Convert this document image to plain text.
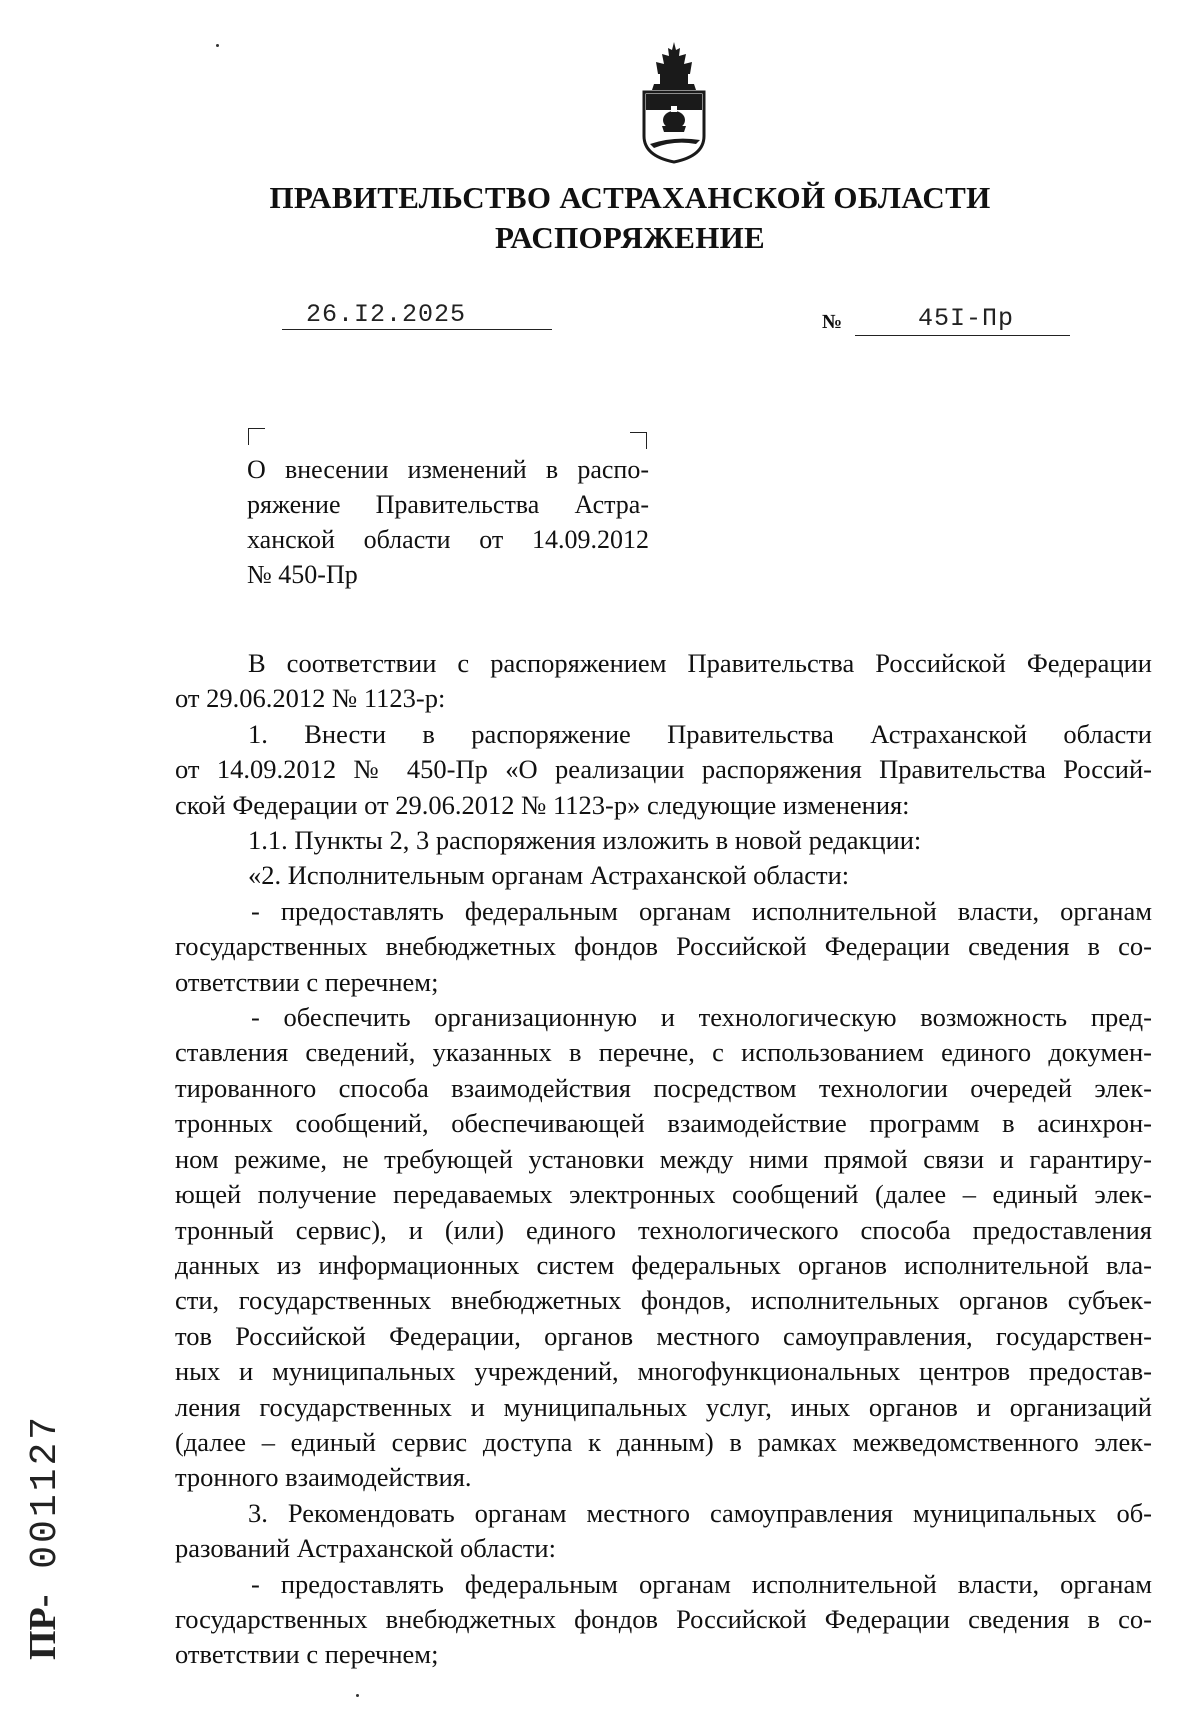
ПРАВИТЕЛЬСТВО АСТРАХАНСКОЙ ОБЛАСТИ
РАСПОРЯЖЕНИЕ
26.I2.2025	№	45I-Пр
О внесении изменений в распо-
ряжение Правительства Астра-
ханской области от 14.09.2012
№ 450-Пр
В соответствии с распоряжением Правительства Российской Федерации
от 29.06.2012 № 1123-р:
1. Внести в распоряжение Правительства Астраханской области
от 14.09.2012 № 450-Пр «О реализации распоряжения Правительства Россий-
ской Федерации от 29.06.2012 № 1123-р» следующие изменения:
1.1. Пункты 2, 3 распоряжения изложить в новой редакции:
«2. Исполнительным органам Астраханской области:
- предоставлять федеральным органам исполнительной власти, органам
государственных внебюджетных фондов Российской Федерации сведения в со-
ответствии с перечнем;
- обеспечить организационную и технологическую возможность пред-
ставления сведений, указанных в перечне, с использованием единого докумен-
тированного способа взаимодействия посредством технологии очередей элек-
тронных сообщений, обеспечивающей взаимодействие программ в асинхрон-
ном режиме, не требующей установки между ними прямой связи и гарантиру-
ющей получение передаваемых электронных сообщений (далее – единый элек-
тронный сервис), и (или) единого технологического способа предоставления
данных из информационных систем федеральных органов исполнительной вла-
сти, государственных внебюджетных фондов, исполнительных органов субъек-
тов Российской Федерации, органов местного самоуправления, государствен-
ных и муниципальных учреждений, многофункциональных центров предостав-
ления государственных и муниципальных услуг, иных органов и организаций
(далее – единый сервис доступа к данным) в рамках межведомственного элек-
тронного взаимодействия.
3. Рекомендовать органам местного самоуправления муниципальных об-
разований Астраханской области:
- предоставлять федеральным органам исполнительной власти, органам
государственных внебюджетных фондов Российской Федерации сведения в со-
ответствии с перечнем;
ПР- 001127
